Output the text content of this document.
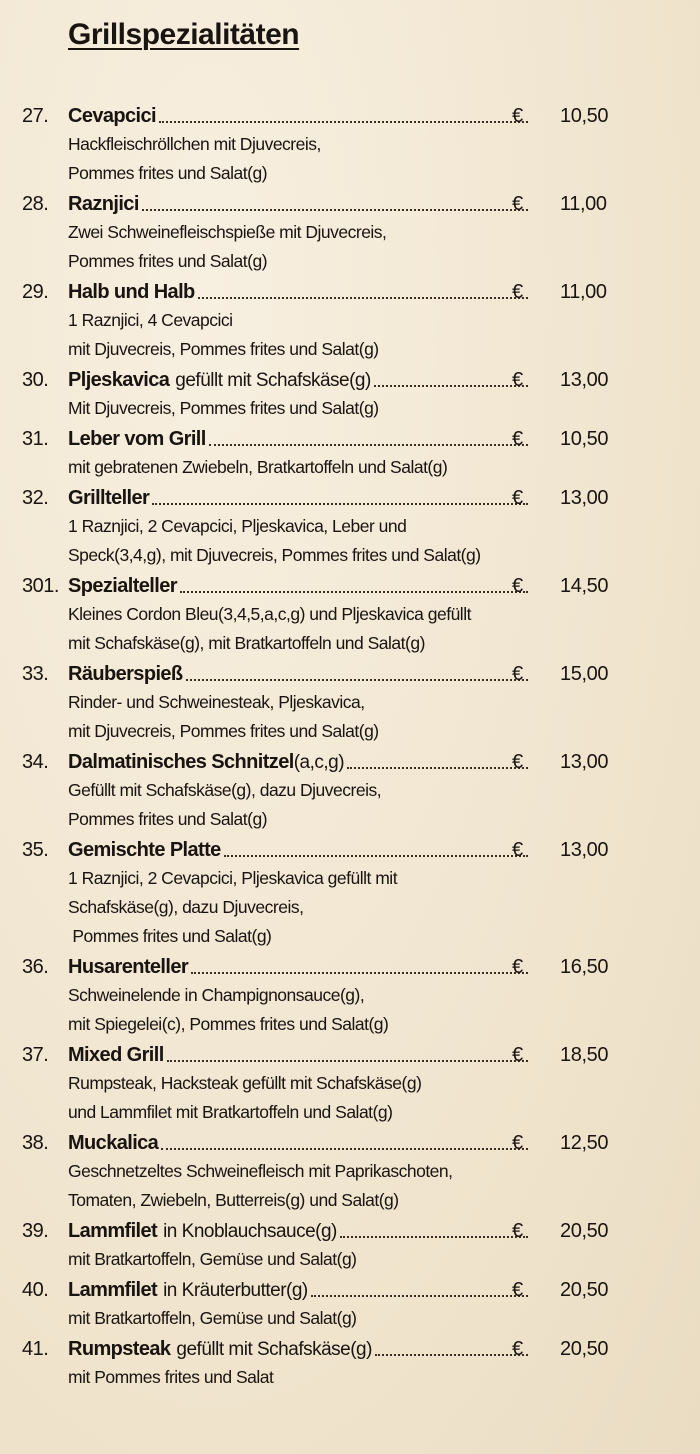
Grillspezialitäten
27. Cevapcici	€ 10,50
Hackfleischröllchen mit Djuvecreis,
Pommes frites und Salat(g)
28. Raznjici	€ 11,00
Zwei Schweinefleischspieße mit Djuvecreis,
Pommes frites und Salat(g)
29. Halb und Halb	€ 11,00
1 Raznjici, 4 Cevapcici
mit Djuvecreis, Pommes frites und Salat(g)
30. Pljeskavica gefüllt mit Schafskäse(g)	€ 13,00
Mit Djuvecreis, Pommes frites und Salat(g)
31. Leber vom Grill	€ 10,50
mit gebratenen Zwiebeln, Bratkartoffeln und Salat(g)
32. Grillteller	€ 13,00
1 Raznjici, 2 Cevapcici, Pljeskavica, Leber und
Speck(3,4,g), mit Djuvecreis, Pommes frites und Salat(g)
301. Spezialteller	€ 14,50
Kleines Cordon Bleu(3,4,5,a,c,g) und Pljeskavica gefüllt
mit Schafskäse(g), mit Bratkartoffeln und Salat(g)
33. Räuberspieß	€ 15,00
Rinder- und Schweinesteak, Pljeskavica,
mit Djuvecreis, Pommes frites und Salat(g)
34. Dalmatinisches Schnitzel (a,c,g)	€ 13,00
Gefüllt mit Schafskäse(g), dazu Djuvecreis,
Pommes frites und Salat(g)
35. Gemischte Platte	€ 13,00
1 Raznjici, 2 Cevapcici, Pljeskavica gefüllt mit
Schafskäse(g), dazu Djuvecreis,
Pommes frites und Salat(g)
36. Husarenteller	€ 16,50
Schweinelende in Champignonsauce(g),
mit Spiegelei(c), Pommes frites und Salat(g)
37. Mixed Grill	€ 18,50
Rumpsteak, Hacksteak gefüllt mit Schafskäse(g)
und Lammfilet mit Bratkartoffeln und Salat(g)
38. Muckalica	€ 12,50
Geschnetzeltes Schweinefleisch mit Paprikaschoten,
Tomaten, Zwiebeln, Butterreis(g) und Salat(g)
39. Lammfilet in Knoblauchsauce(g)	€ 20,50
mit Bratkartoffeln, Gemüse und Salat(g)
40. Lammfilet in Kräuterbutter(g)	€ 20,50
mit Bratkartoffeln, Gemüse und Salat(g)
41. Rumpsteak gefüllt mit Schafskäse(g)	€ 20,50
mit Pommes frites und Salat
